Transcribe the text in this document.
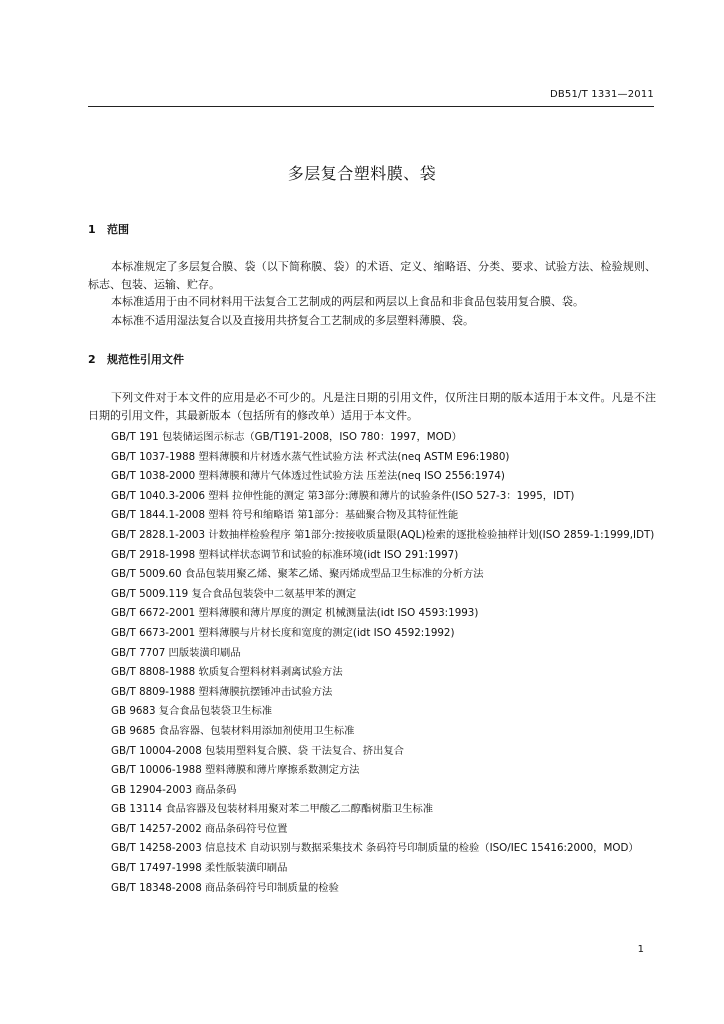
DB51/T 1331—2011
多层复合塑料膜、袋
1 范围
本标准规定了多层复合膜、袋（以下简称膜、袋）的术语、定义、缩略语、分类、要求、试验方法、检验规则、标志、包装、运输、贮存。
本标准适用于由不同材料用干法复合工艺制成的两层和两层以上食品和非食品包装用复合膜、袋。
本标准不适用湿法复合以及直接用共挤复合工艺制成的多层塑料薄膜、袋。
2 规范性引用文件
下列文件对于本文件的应用是必不可少的。凡是注日期的引用文件，仅所注日期的版本适用于本文件。凡是不注日期的引用文件，其最新版本（包括所有的修改单）适用于本文件。
GB/T 191 包装储运图示标志（GB/T191-2008，ISO 780：1997，MOD）
GB/T 1037-1988 塑料薄膜和片材透水蒸气性试验方法 杯式法(neq ASTM E96:1980)
GB/T 1038-2000 塑料薄膜和薄片气体透过性试验方法 压差法(neq ISO 2556:1974)
GB/T 1040.3-2006 塑料 拉伸性能的测定 第3部分:薄膜和薄片的试验条件(ISO 527-3：1995，IDT)
GB/T 1844.1-2008 塑料 符号和缩略语 第1部分：基础聚合物及其特征性能
GB/T 2828.1-2003 计数抽样检验程序 第1部分:按接收质量限(AQL)检索的逐批检验抽样计划(ISO 2859-1:1999,IDT)
GB/T 2918-1998 塑料试样状态调节和试验的标准环境(idt ISO 291:1997)
GB/T 5009.60 食品包装用聚乙烯、聚苯乙烯、聚丙烯成型品卫生标准的分析方法
GB/T 5009.119 复合食品包装袋中二氨基甲苯的测定
GB/T 6672-2001 塑料薄膜和薄片厚度的测定 机械测量法(idt ISO 4593:1993)
GB/T 6673-2001 塑料薄膜与片材长度和宽度的测定(idt ISO 4592:1992)
GB/T 7707 凹版装潢印刷品
GB/T 8808-1988 软质复合塑料材料剥离试验方法
GB/T 8809-1988 塑料薄膜抗摆锤冲击试验方法
GB 9683 复合食品包装袋卫生标准
GB 9685 食品容器、包装材料用添加剂使用卫生标准
GB/T 10004-2008 包装用塑料复合膜、袋 干法复合、挤出复合
GB/T 10006-1988 塑料薄膜和薄片摩擦系数测定方法
GB 12904-2003 商品条码
GB 13114 食品容器及包装材料用聚对苯二甲酸乙二醇酯树脂卫生标准
GB/T 14257-2002 商品条码符号位置
GB/T 14258-2003 信息技术 自动识别与数据采集技术 条码符号印制质量的检验（ISO/IEC 15416:2000，MOD）
GB/T 17497-1998 柔性版装潢印刷品
GB/T 18348-2008 商品条码符号印制质量的检验
1
